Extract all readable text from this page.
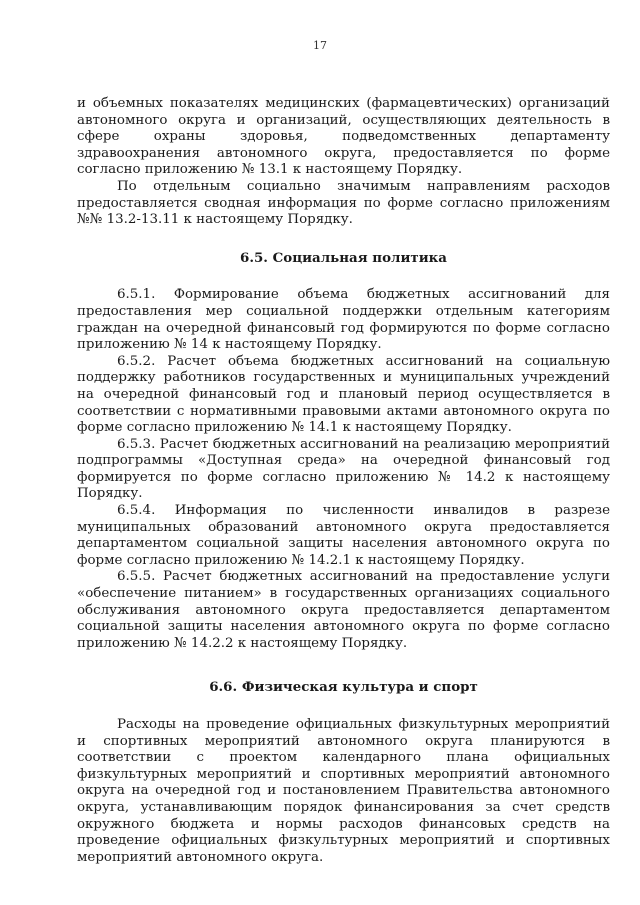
17

и объемных показателях медицинских (фармацевтических) организаций автономного округа и организаций, осуществляющих деятельность в сфере охраны здоровья, подведомственных департаменту здравоохранения автономного округа, предоставляется по форме согласно приложению № 13.1 к настоящему Порядку.

По отдельным социально значимым направлениям расходов предоставляется сводная информация по форме согласно приложениям №№ 13.2-13.11 к настоящему Порядку.

6.5. Социальная политика

6.5.1. Формирование объема бюджетных ассигнований для предоставления мер социальной поддержки отдельным категориям граждан на очередной финансовый год формируются по форме согласно приложению № 14 к настоящему Порядку.

6.5.2. Расчет объема бюджетных ассигнований на социальную поддержку работников государственных и муниципальных учреждений на очередной финансовый год и плановый период осуществляется в соответствии с нормативными правовыми актами автономного округа по форме согласно приложению № 14.1 к настоящему Порядку.

6.5.3. Расчет бюджетных ассигнований на реализацию мероприятий подпрограммы «Доступная среда» на очередной финансовый год формируется по форме согласно приложению № 14.2 к настоящему Порядку.

6.5.4. Информация по численности инвалидов в разрезе муниципальных образований автономного округа предоставляется департаментом социальной защиты населения автономного округа по форме согласно приложению № 14.2.1 к настоящему Порядку.

6.5.5. Расчет бюджетных ассигнований на предоставление услуги «обеспечение питанием» в государственных организациях социального обслуживания автономного округа предоставляется департаментом социальной защиты населения автономного округа по форме согласно приложению № 14.2.2 к настоящему Порядку.

6.6. Физическая культура и спорт

Расходы на проведение официальных физкультурных мероприятий и спортивных мероприятий автономного округа планируются в соответствии с проектом календарного плана официальных физкультурных мероприятий и спортивных мероприятий автономного округа на очередной год и постановлением Правительства автономного округа, устанавливающим порядок финансирования за счет средств окружного бюджета и нормы расходов финансовых средств на проведение официальных физкультурных мероприятий и спортивных мероприятий автономного округа.
